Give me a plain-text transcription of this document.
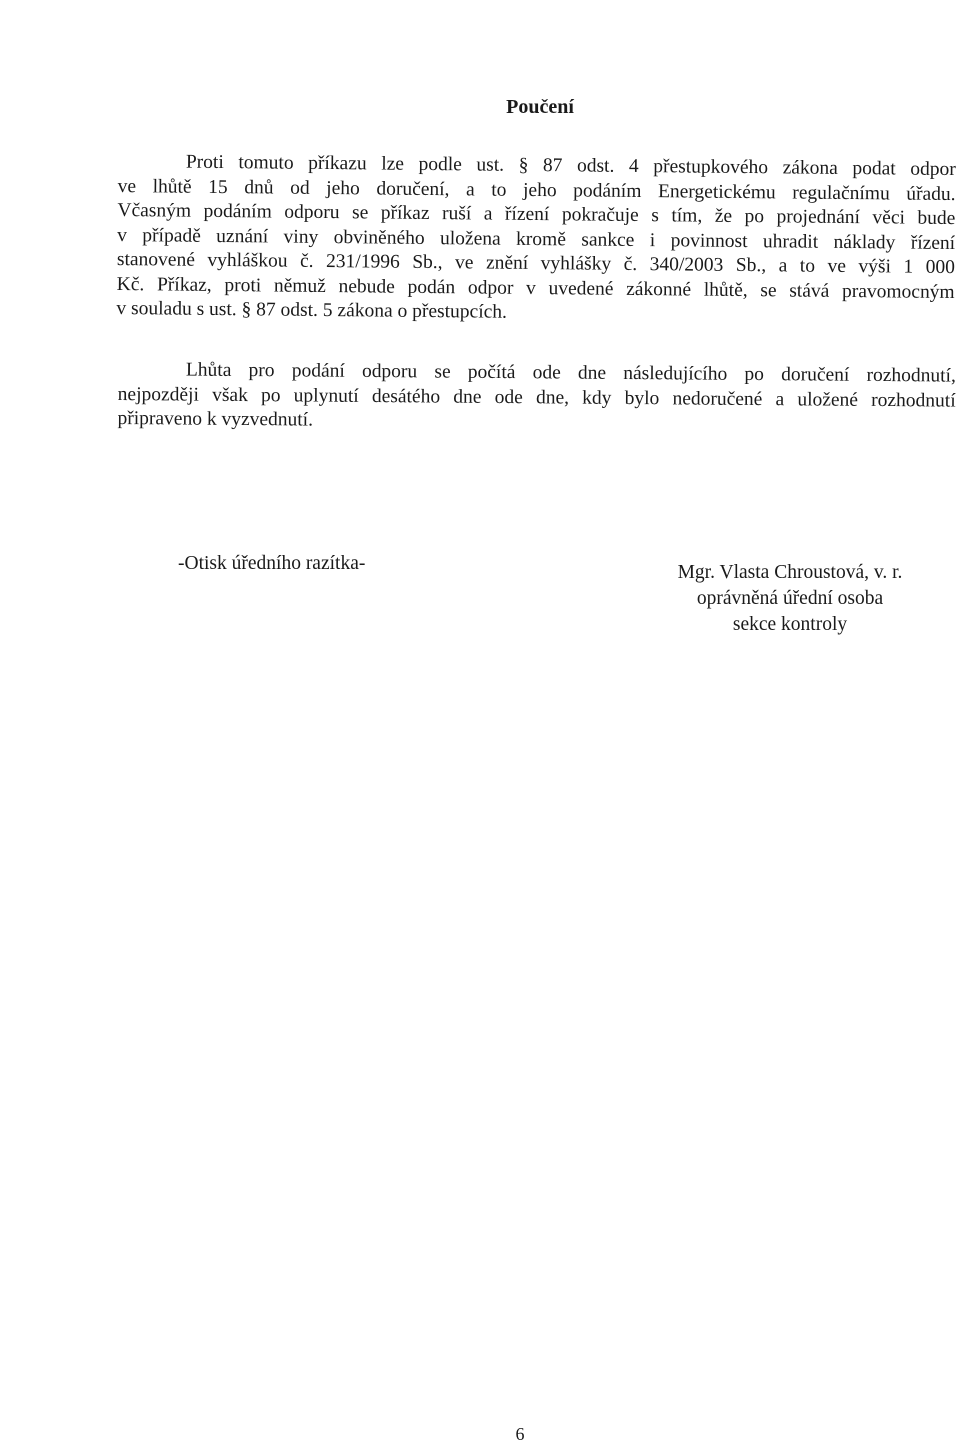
Poučení
Proti tomuto příkazu lze podle ust. § 87 odst. 4 přestupkového zákona podat odpor
ve lhůtě 15 dnů od jeho doručení, a to jeho podáním Energetickému regulačnímu úřadu.
Včasným podáním odporu se příkaz ruší a řízení pokračuje s tím, že po projednání věci bude
v případě uznání viny obviněného uložena kromě sankce i povinnost uhradit náklady řízení
stanovené vyhláškou č. 231/1996 Sb., ve znění vyhlášky č. 340/2003 Sb., a to ve výši 1 000
Kč. Příkaz, proti němuž nebude podán odpor v uvedené zákonné lhůtě, se stává pravomocným
v souladu s ust. § 87 odst. 5 zákona o přestupcích.
Lhůta pro podání odporu se počítá ode dne následujícího po doručení rozhodnutí,
nejpozději však po uplynutí desátého dne ode dne, kdy bylo nedoručené a uložené rozhodnutí
připraveno k vyzvednutí.

-Otisk úředního razítka-	Mgr. Vlasta Chroustová, v. r.
oprávněná úřední osoba
sekce kontroly

6
